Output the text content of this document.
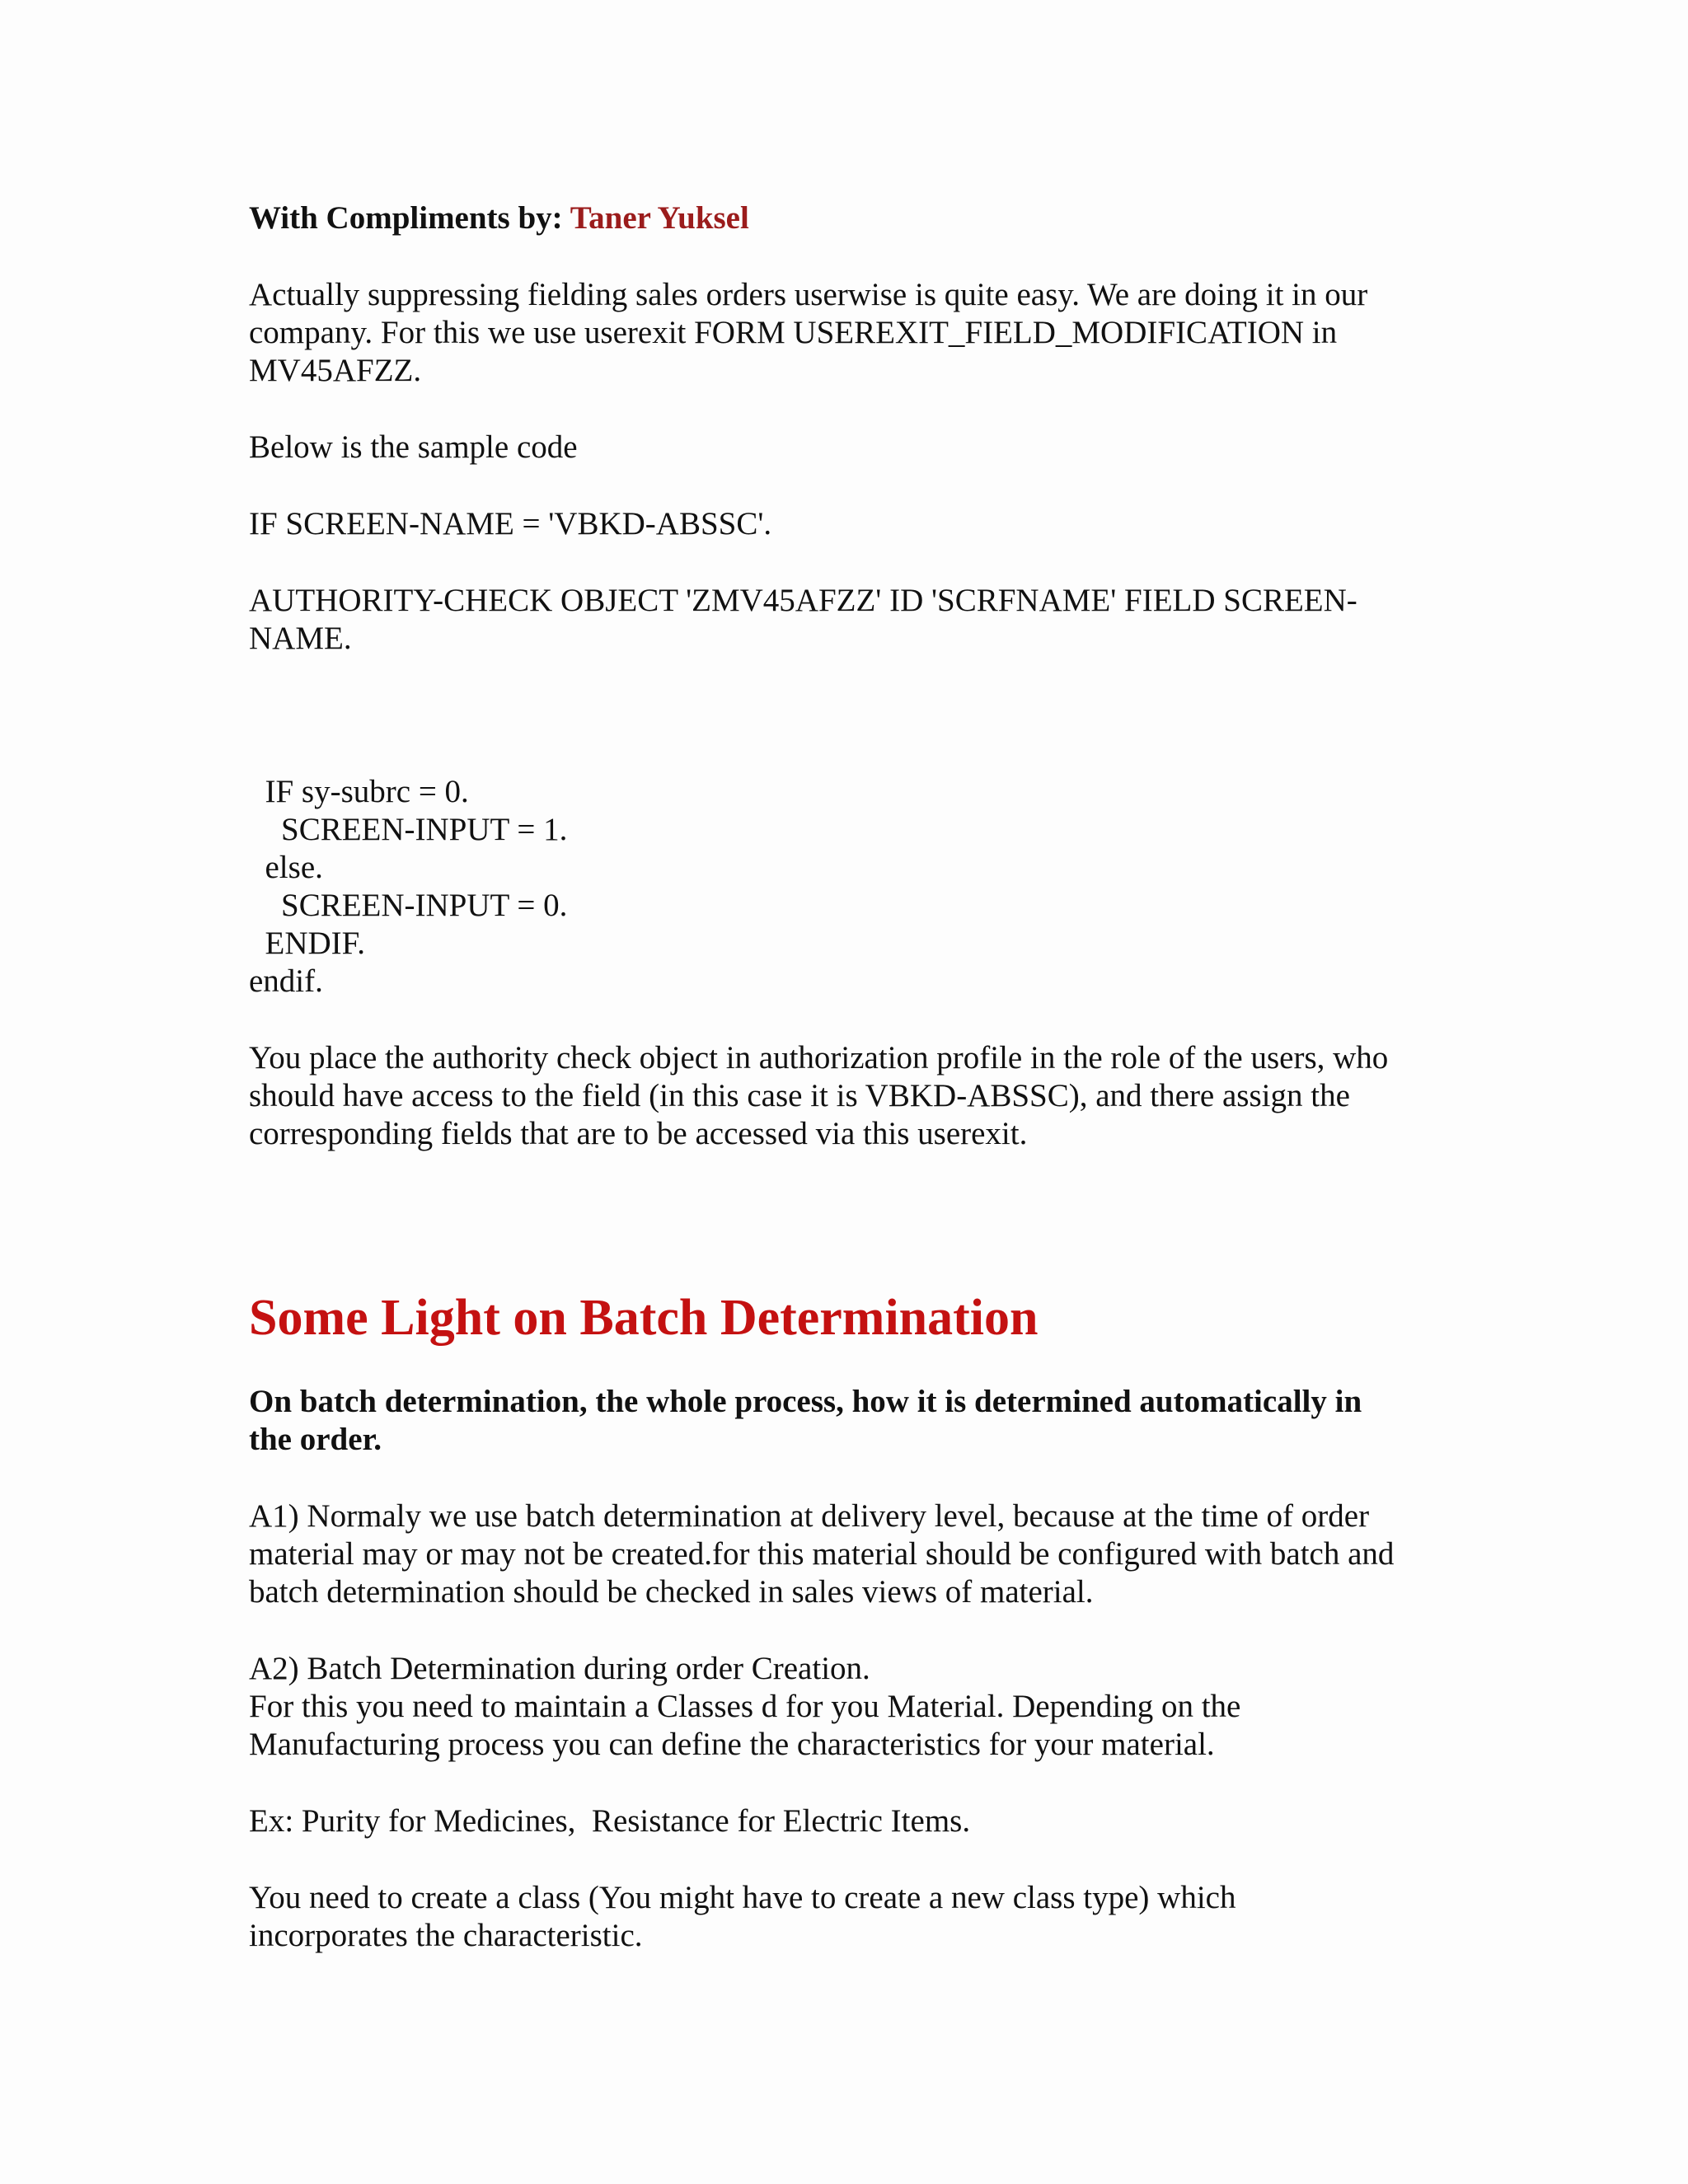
With Compliments by: Taner Yuksel

Actually suppressing fielding sales orders userwise is quite easy. We are doing it in our

company. For this we use userexit FORM USEREXIT_FIELD_MODIFICATION in

MV45AFZZ.

Below is the sample code

IF SCREEN-NAME = 'VBKD-ABSSC'.

AUTHORITY-CHECK OBJECT 'ZMV45AFZZ' ID 'SCRFNAME' FIELD SCREEN-

NAME.

IF sy-subrc = 0.

SCREEN-INPUT = 1.

else.

SCREEN-INPUT = 0.

ENDIF.

endif.

You place the authority check object in authorization profile in the role of the users, who

should have access to the field (in this case it is VBKD-ABSSC), and there assign the

corresponding fields that are to be accessed via this userexit.

Some Light on Batch Determination

On batch determination, the whole process, how it is determined automatically in

the order.

A1) Normaly we use batch determination at delivery level, because at the time of order

material may or may not be created.for this material should be configured with batch and

batch determination should be checked in sales views of material.

A2) Batch Determination during order Creation.

For this you need to maintain a Classes d for you Material. Depending on the

Manufacturing process you can define the characteristics for your material.

Ex: Purity for Medicines,  Resistance for Electric Items.

You need to create a class (You might have to create a new class type) which

incorporates the characteristic.
